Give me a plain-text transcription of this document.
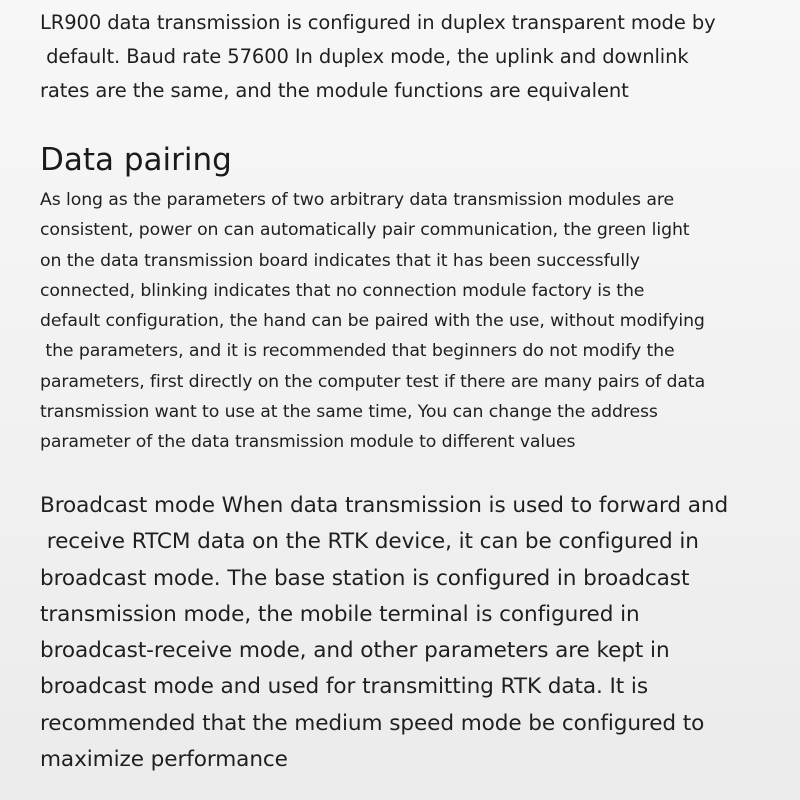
LR900 data transmission is configured in duplex transparent mode by
default. Baud rate 57600 In duplex mode, the uplink and downlink
rates are the same, and the module functions are equivalent

Data pairing

As long as the parameters of two arbitrary data transmission modules are
consistent, power on can automatically pair communication, the green light
on the data transmission board indicates that it has been successfully
connected, blinking indicates that no connection module factory is the
default configuration, the hand can be paired with the use, without modifying
the parameters, and it is recommended that beginners do not modify the
parameters, first directly on the computer test if there are many pairs of data
transmission want to use at the same time, You can change the address
parameter of the data transmission module to different values

Broadcast mode When data transmission is used to forward and
receive RTCM data on the RTK device, it can be configured in
broadcast mode. The base station is configured in broadcast
transmission mode, the mobile terminal is configured in
broadcast-receive mode, and other parameters are kept in
broadcast mode and used for transmitting RTK data. It is
recommended that the medium speed mode be configured to
maximize performance
